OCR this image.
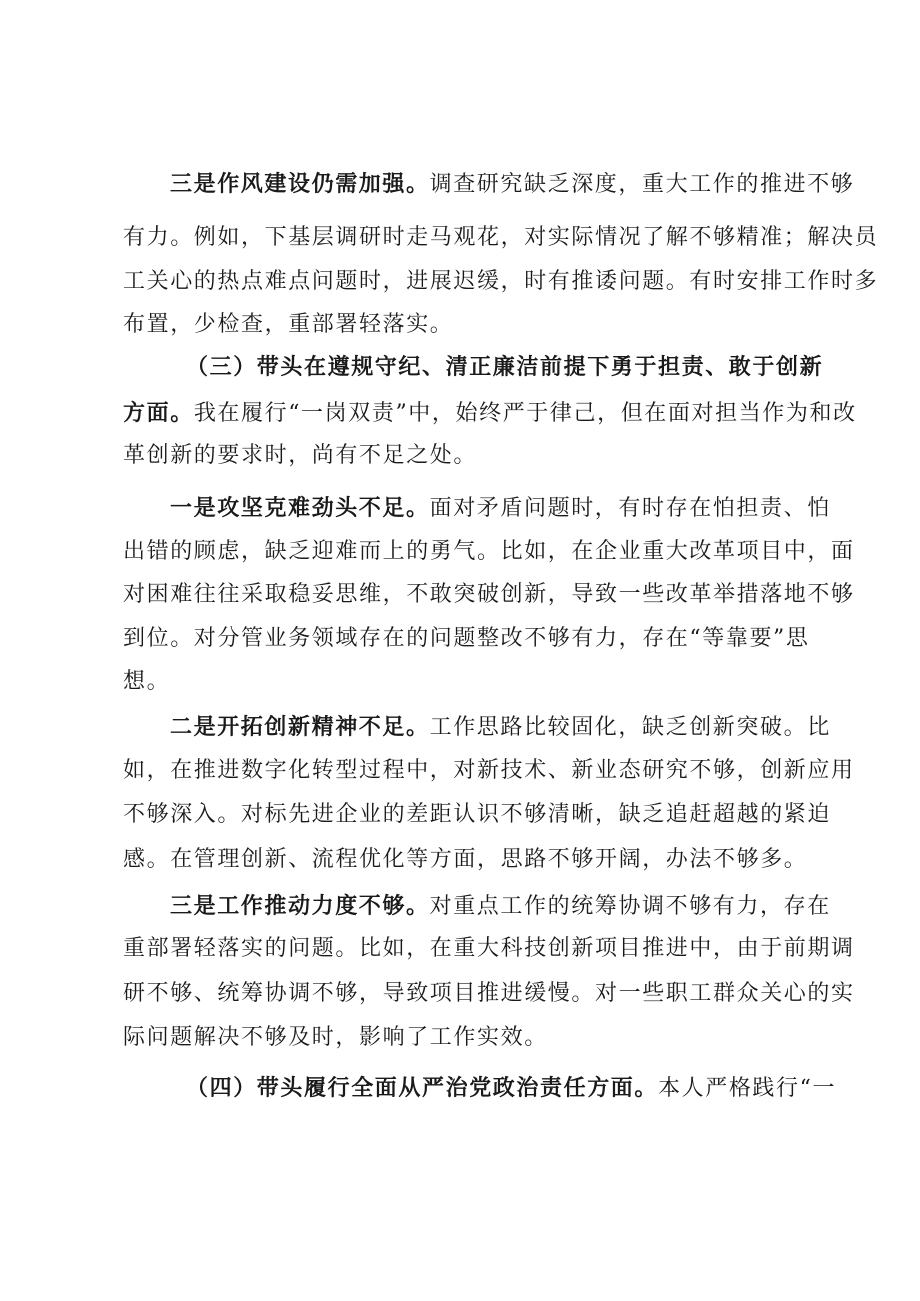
三是作风建设仍需加强。调查研究缺乏深度，重大工作的推进不够
有力。例如，下基层调研时走马观花，对实际情况了解不够精准；解决员
工关心的热点难点问题时，进展迟缓，时有推诿问题。有时安排工作时多
布置，少检查，重部署轻落实。
（三）带头在遵规守纪、清正廉洁前提下勇于担责、敢于创新
方面。我在履行“一岗双责”中，始终严于律己，但在面对担当作为和改
革创新的要求时，尚有不足之处。
一是攻坚克难劲头不足。面对矛盾问题时，有时存在怕担责、怕
出错的顾虑，缺乏迎难而上的勇气。比如，在企业重大改革项目中，面
对困难往往采取稳妥思维，不敢突破创新，导致一些改革举措落地不够
到位。对分管业务领域存在的问题整改不够有力，存在“等靠要”思
想。
二是开拓创新精神不足。工作思路比较固化，缺乏创新突破。比
如，在推进数字化转型过程中，对新技术、新业态研究不够，创新应用
不够深入。对标先进企业的差距认识不够清晰，缺乏追赶超越的紧迫
感。在管理创新、流程优化等方面，思路不够开阔，办法不够多。
三是工作推动力度不够。对重点工作的统筹协调不够有力，存在
重部署轻落实的问题。比如，在重大科技创新项目推进中，由于前期调
研不够、统筹协调不够，导致项目推进缓慢。对一些职工群众关心的实
际问题解决不够及时，影响了工作实效。
（四）带头履行全面从严治党政治责任方面。本人严格践行“一
